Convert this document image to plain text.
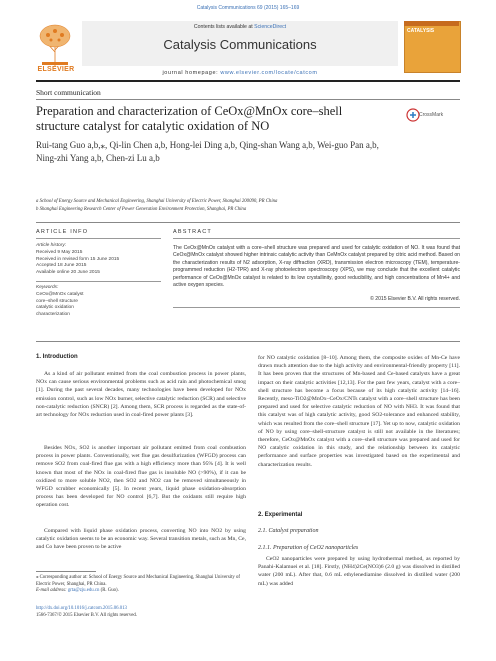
Catalysis Communications 69 (2015) 165–169
ELSEVIER
Contents lists available at ScienceDirect
Catalysis Communications
journal homepage: www.elsevier.com/locate/catcom
CATALYSIS
Short communication
Preparation and characterization of CeOx@MnOx core–shell structure catalyst for catalytic oxidation of NO
CrossMark
Rui-tang Guo a,b,⁎, Qi-lin Chen a,b, Hong-lei Ding a,b, Qing-shan Wang a,b, Wei-guo Pan a,b,
Ning-zhi Yang a,b, Chen-zi Lu a,b
a School of Energy Source and Mechanical Engineering, Shanghai University of Electric Power, Shanghai 200090, PR China
b Shanghai Engineering Research Center of Power Generation Environment Protection, Shanghai, PR China
ARTICLE INFO
Article history:
Received 9 May 2015
Received in revised form 15 June 2015
Accepted 18 June 2015
Available online 20 June 2015
Keywords:
CeOx@MnOx catalyst
core–shell structure
catalytic oxidation
characterization
ABSTRACT
The CeOx@MnOx catalyst with a core–shell structure was prepared and used for catalytic oxidation of NO. It was found that CeOx@MnOx catalyst showed higher intrinsic catalytic activity than CeMnOx catalyst prepared by citric acid method. Based on the characterization results of N2 adsorption, X-ray diffraction (XRD), transmission electron microscopy (TEM), temperature-programmed reduction (H2-TPR) and X-ray photoelectron spectroscopy (XPS), we may conclude that the excellent catalytic performance of CeOx@MnOx catalyst is related to its low crystallinity, good reducibility, and high concentrations of Mn4+ and active oxygen species.
© 2015 Elsevier B.V. All rights reserved.
1. Introduction
As a kind of air pollutant emitted from the coal combustion process in power plants, NOx can cause serious environmental problems such as acid rain and photochemical smog [1]. During the past several decades, many technologies have been developed for NOx emission control, such as low NOx burner, selective catalytic reduction (SCR) and selective non-catalytic reduction (SNCR) [2]. Among them, SCR process is regarded as the state-of-art technology for NOx reduction used in coal-fired power plants [3].
Besides NOx, SO2 is another important air pollutant emitted from coal combustion process in power plants. Conventionally, wet flue gas desulfurization (WFGD) process can remove SO2 from coal-fired flue gas with a high efficiency more than 95% [4]. It is well known that most of the NOx in coal-fired flue gas is insoluble NO (>90%), if it can be oxidized to more soluble NO2, then SO2 and NO2 can be removed simultaneously in WFGD scrubber economically [5]. In recent years, liquid phase oxidation-absorption process has been developed for NO control [6,7]. But the oxidants still require high operation cost.
Compared with liquid phase oxidation process, converting NO into NO2 by using catalytic oxidation seems to be an economic way. Several transition metals, such as Mn, Ce, and Co have been proven to be active
for NO catalytic oxidation [8–10]. Among them, the composite oxides of Mn-Ce have drawn much attention due to the high activity and environmental-friendly property [11]. It has been proven that the structures of Mn-based and Ce-based catalysts have a great impact on their catalytic activities [12,13]. For the past few years, catalyst with a core–shell structure has become a focus because of its high catalytic activity [14–16]. Recently, meso-TiO2@MnOx–CeOx/CNTs catalyst with a core–shell structure has been prepared and used for selective catalytic reduction of NO with NH3. It was found that this catalyst was of high catalytic activity, good SO2-tolerance and enhanced stability, which was resulted from the core–shell structure [17]. Yet up to now, catalytic oxidation of NO by using core–shell-structure catalyst is still not available in the literatures; therefore, CeOx@MnOx catalyst with a core–shell structure was prepared and used for NO catalytic oxidation in this study, and the relationship between its catalytic performance and surface properties was investigated based on the experimental and characterization results.
2. Experimental
2.1. Catalyst preparation
2.1.1. Preparation of CeO2 nanoparticles
CeO2 nanoparticles were prepared by using hydrothermal method, as reported by Panahi-Kalamuei et al. [18]. Firstly, (NH4)2Ce(NO3)6 (2.0 g) was dissolved in distilled water (200 mL). After that, 0.6 mL ethylenediamine dissolved in distilled water (200 mL) was added
⁎ Corresponding author at: School of Energy Source and Mechanical Engineering, Shanghai University of Electric Power, Shanghai, PR China.
E-mail address: grta@zju.edu.cn (R. Guo).
http://dx.doi.org/10.1016/j.catcom.2015.06.013
1566-7367/© 2015 Elsevier B.V. All rights reserved.
